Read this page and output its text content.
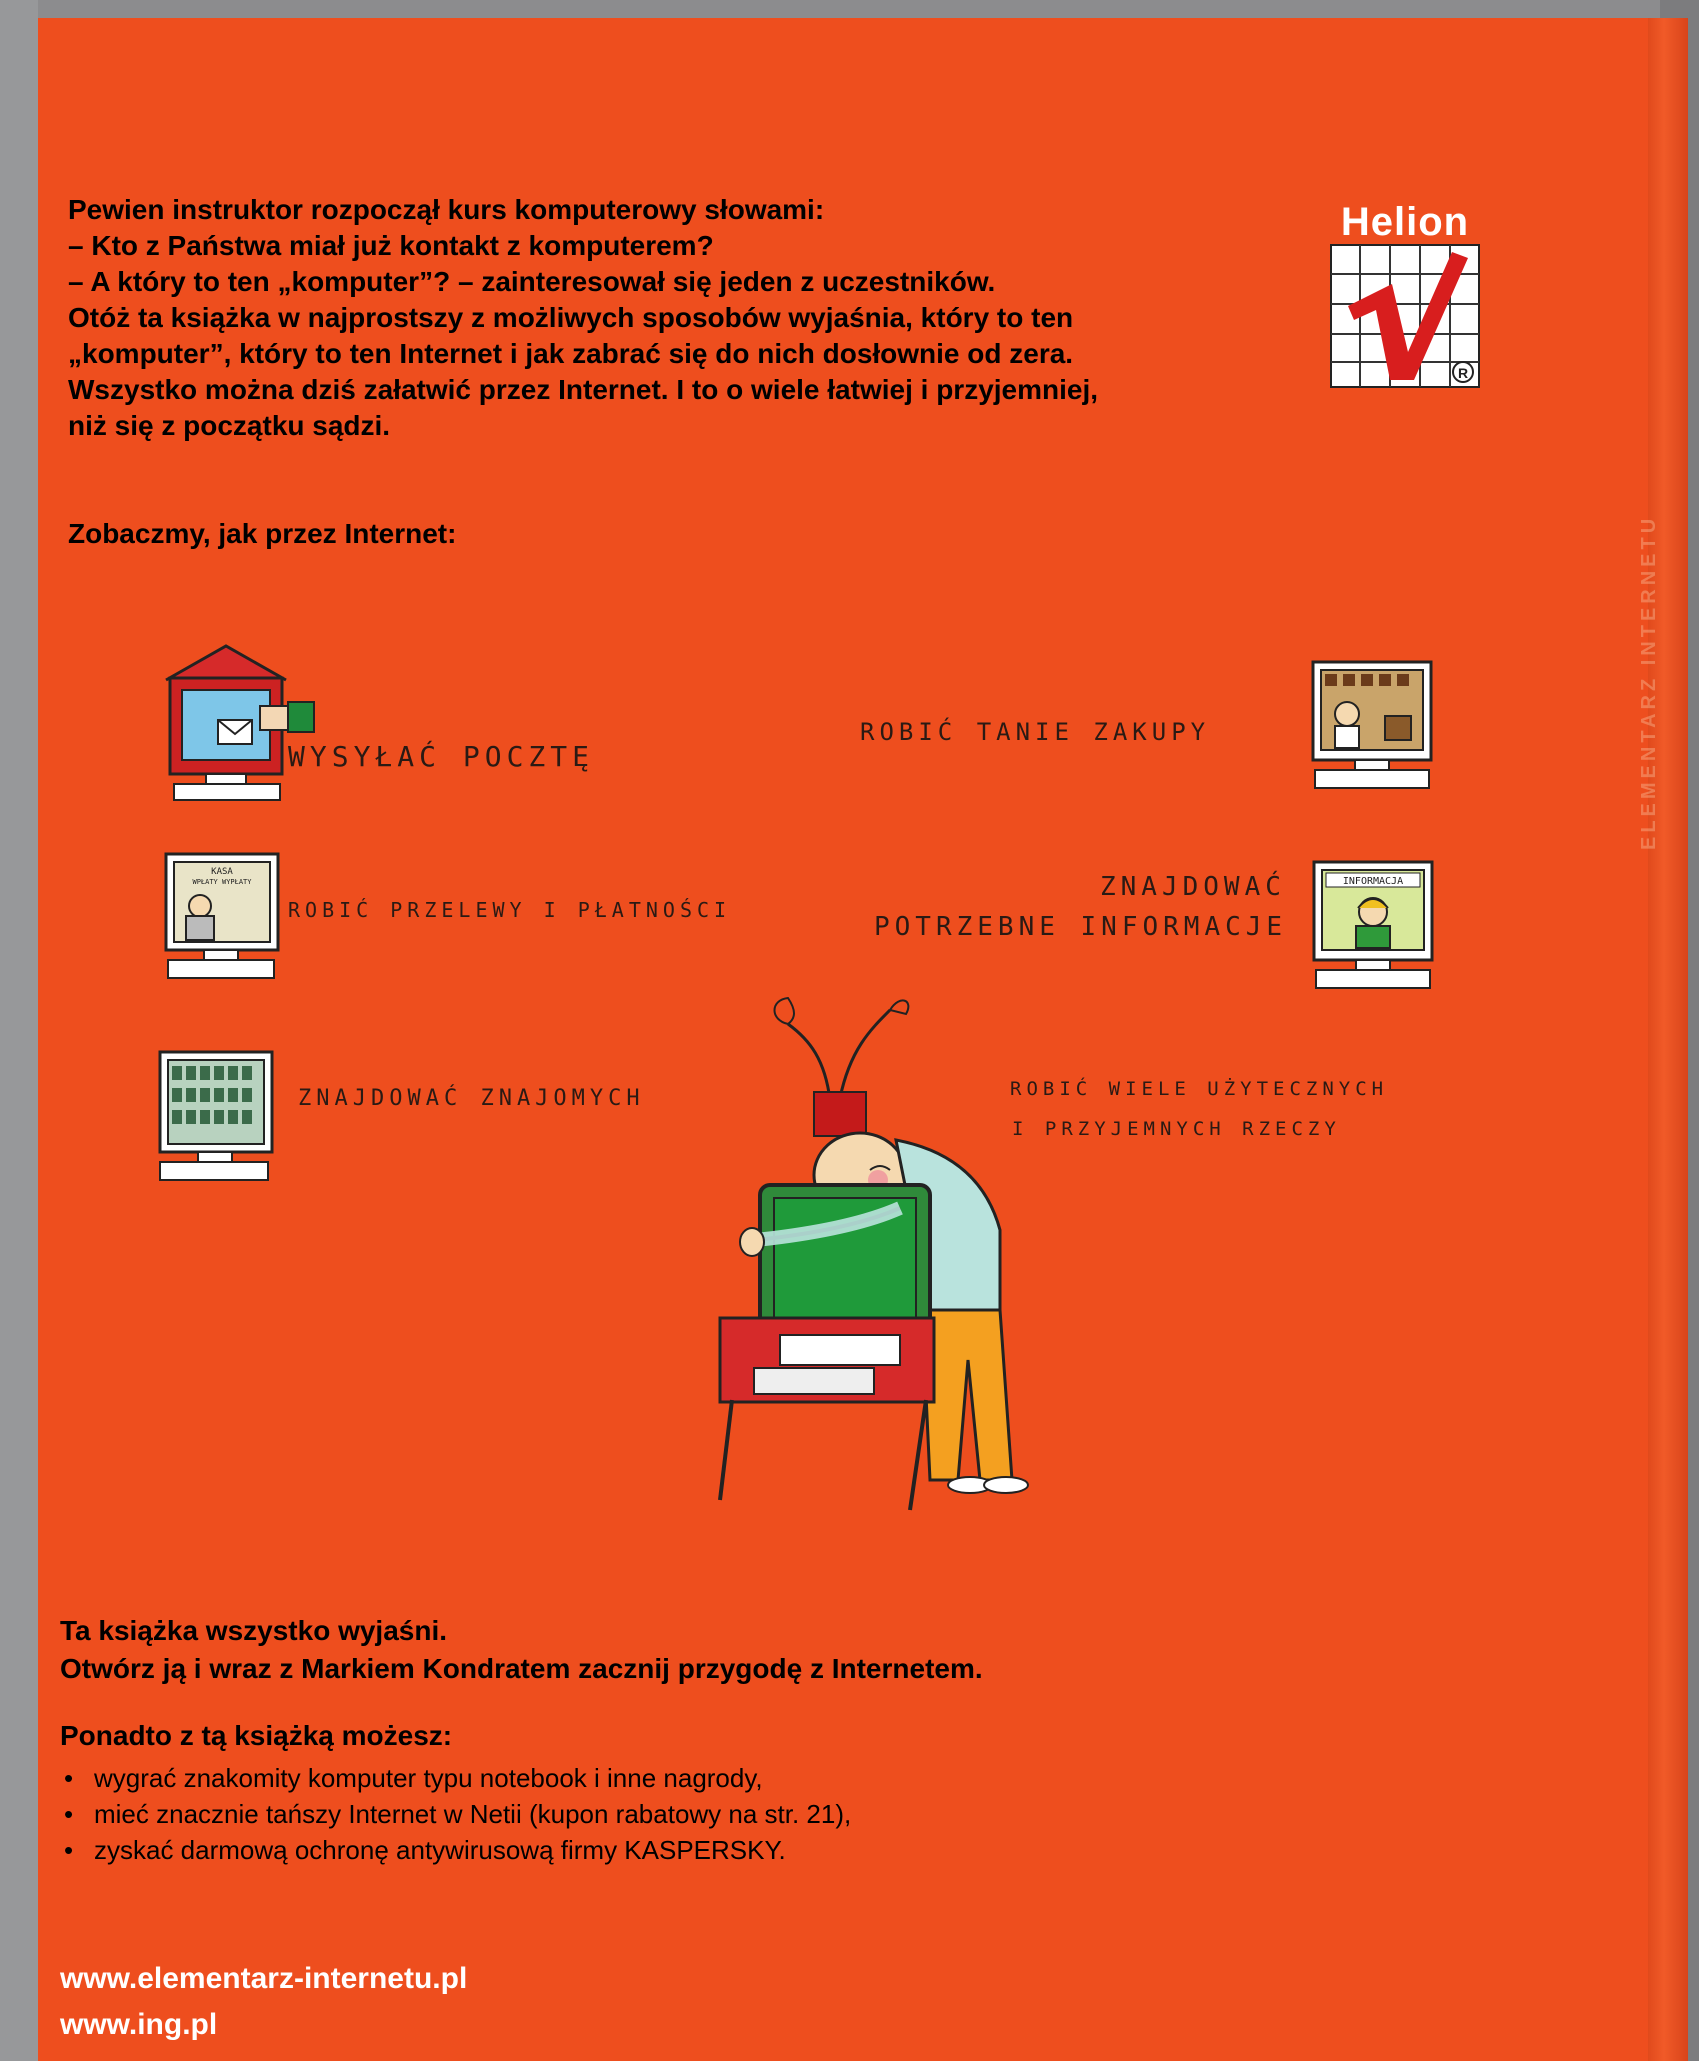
ELEMENTARZ INTERNETU
Pewien instruktor rozpoczął kurs komputerowy słowami:
– Kto z Państwa miał już kontakt z komputerem?
– A który to ten „komputer”? – zainteresował się jeden z uczestników.
Otóż ta książka w najprostszy z możliwych sposobów wyjaśnia, który to ten
„komputer”, który to ten Internet i jak zabrać się do nich dosłownie od zera.
Wszystko można dziś załatwić przez Internet. I to o wiele łatwiej i przyjemniej,
niż się z początku sądzi.
Helion
R
Zobaczmy, jak przez Internet:
KASA
WPŁATY WYPŁATY	INFORMACJA
WYSYŁAĆ POCZTĘ
ROBIĆ TANIE ZAKUPY
ROBIĆ PRZELEWY I PŁATNOŚCI
ZNAJDOWAĆ
POTRZEBNE INFORMACJE
ZNAJDOWAĆ ZNAJOMYCH	ROBIĆ WIELE UŻYTECZNYCH
I PRZYJEMNYCH RZECZY
Ta książka wszystko wyjaśni.
Otwórz ją i wraz z Markiem Kondratem zacznij przygodę z Internetem.
Ponadto z tą książką możesz:
• wygrać znakomity komputer typu notebook i inne nagrody,
• mieć znacznie tańszy Internet w Netii (kupon rabatowy na str. 21),
• zyskać darmową ochronę antywirusową firmy KASPERSKY.
www.elementarz-internetu.pl
www.ing.pl
